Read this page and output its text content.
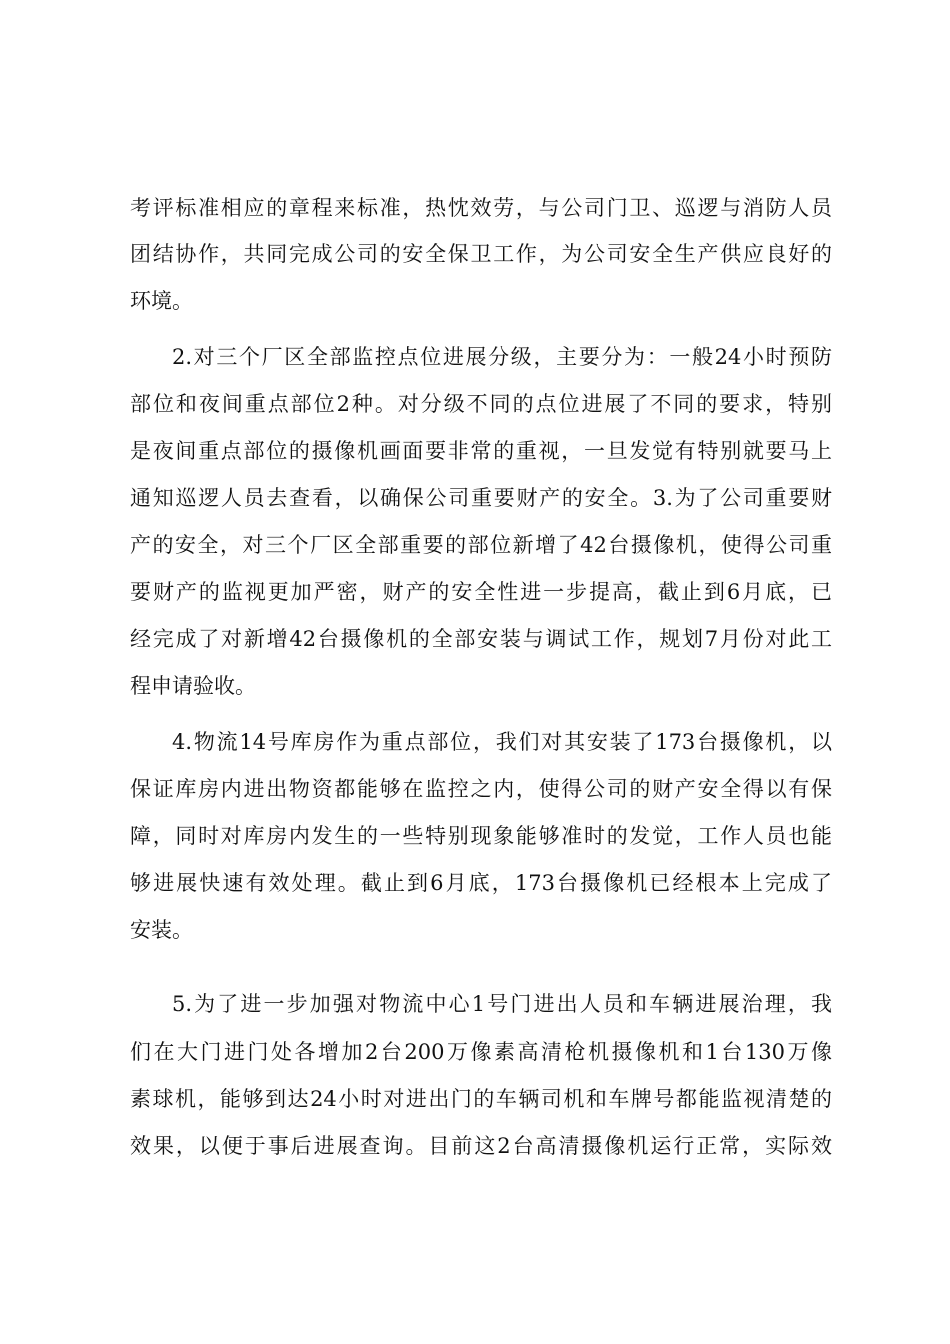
考评标准相应的章程来标准，热忱效劳，与公司门卫、巡逻与消防人员
团结协作，共同完成公司的安全保卫工作，为公司安全生产供应良好的
环境。
2.对三个厂区全部监控点位进展分级，主要分为：一般24小时预防
部位和夜间重点部位2种。对分级不同的点位进展了不同的要求，特别
是夜间重点部位的摄像机画面要非常的重视，一旦发觉有特别就要马上
通知巡逻人员去查看，以确保公司重要财产的安全。3.为了公司重要财
产的安全，对三个厂区全部重要的部位新增了42台摄像机，使得公司重
要财产的监视更加严密，财产的安全性进一步提高，截止到6月底，已
经完成了对新增42台摄像机的全部安装与调试工作，规划7月份对此工
程申请验收。
4.物流14号库房作为重点部位，我们对其安装了173台摄像机，以
保证库房内进出物资都能够在监控之内，使得公司的财产安全得以有保
障，同时对库房内发生的一些特别现象能够准时的发觉，工作人员也能
够进展快速有效处理。截止到6月底，173台摄像机已经根本上完成了
安装。
5.为了进一步加强对物流中心1号门进出人员和车辆进展治理，我
们在大门进门处各增加2台200万像素高清枪机摄像机和1台130万像
素球机，能够到达24小时对进出门的车辆司机和车牌号都能监视清楚的
效果，以便于事后进展查询。目前这2台高清摄像机运行正常，实际效
